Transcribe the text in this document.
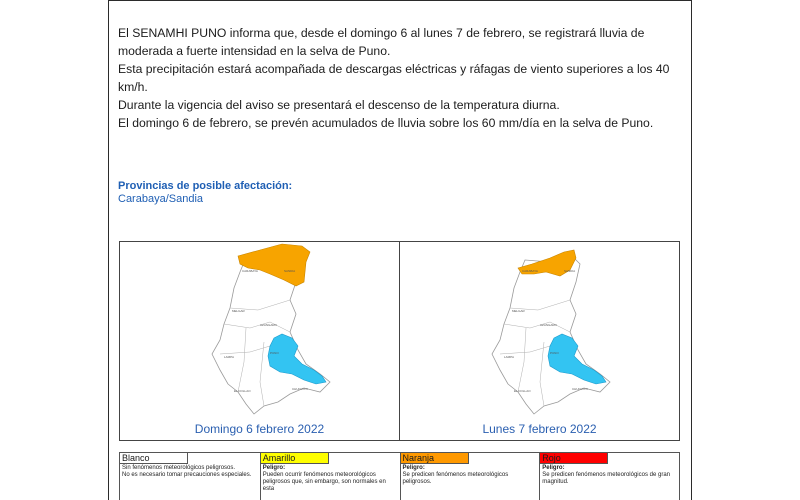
El SENAMHI PUNO informa que, desde el domingo 6 al lunes 7 de febrero, se registrará lluvia de moderada a fuerte intensidad en la selva de Puno.

Esta precipitación estará acompañada de descargas eléctricas y ráfagas de viento superiores a los 40 km/h.

Durante la vigencia del aviso se presentará el descenso de la temperatura diurna.

El domingo 6 de febrero, se prevén acumulados de lluvia sobre los 60 mm/día en la selva de Puno.

Provincias de posible afectación:
Carabaya/Sandia
CARABAYA	SANDIA
MELGAR
AZANGARO
PUNO
LAMPA
EL COLLAO	CHUCUITO
Domingo 6 febrero 2022
CARABAYA	SANDIA
MELGAR
AZANGARO
PUNO
LAMPA
EL COLLAO	CHUCUITO
Lunes 7 febrero 2022
Blanco
Sin fenómenos meteorológicos peligrosos.
No es necesario tomar precauciones especiales.
Amarillo
Peligro:
Pueden ocurrir fenómenos meteorológicos peligrosos que, sin embargo, son normales en esta
Naranja
Peligro:
Se predicen fenómenos meteorológicos peligrosos.
Rojo
Peligro:
Se predicen fenómenos meteorológicos de gran magnitud.
